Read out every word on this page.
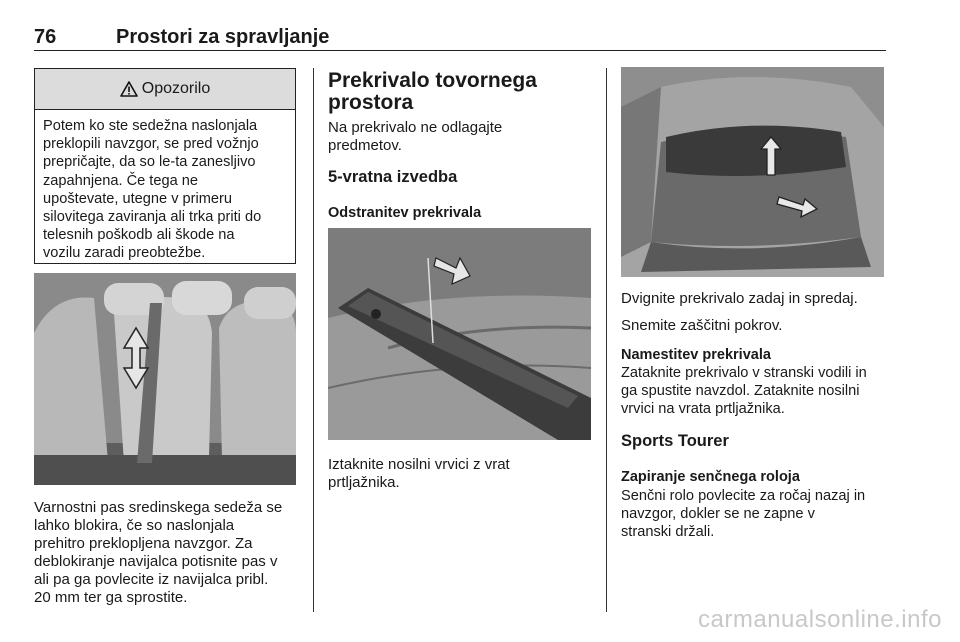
76	Prostori za spravljanje
Opozorilo
Potem ko ste sedežna naslonjala
preklopili navzgor, se pred vožnjo
prepričajte, da so le-ta zanesljivo
zapahnjena. Če tega ne
upoštevate, utegne v primeru
silovitega zaviranja ali trka priti do
telesnih poškodb ali škode na
vozilu zaradi preobtežbe.
Varnostni pas sredinskega sedeža se
lahko blokira, če so naslonjala
prehitro preklopljena navzgor. Za
deblokiranje navijalca potisnite pas v
ali pa ga povlecite iz navijalca pribl.
20 mm ter ga sprostite.
Prekrivalo tovornega
prostora
Na prekrivalo ne odlagajte
predmetov.
5-vratna izvedba
Odstranitev prekrivala
Iztaknite nosilni vrvici z vrat
prtljažnika.
Dvignite prekrivalo zadaj in spredaj.
Snemite zaščitni pokrov.
Namestitev prekrivala
Zataknite prekrivalo v stranski vodili in
ga spustite navzdol. Zataknite nosilni
vrvici na vrata prtljažnika.
Sports Tourer
Zapiranje senčnega roloja
Senčni rolo povlecite za ročaj nazaj in
navzgor, dokler se ne zapne v
stranski držali.
carmanualsonline.info
